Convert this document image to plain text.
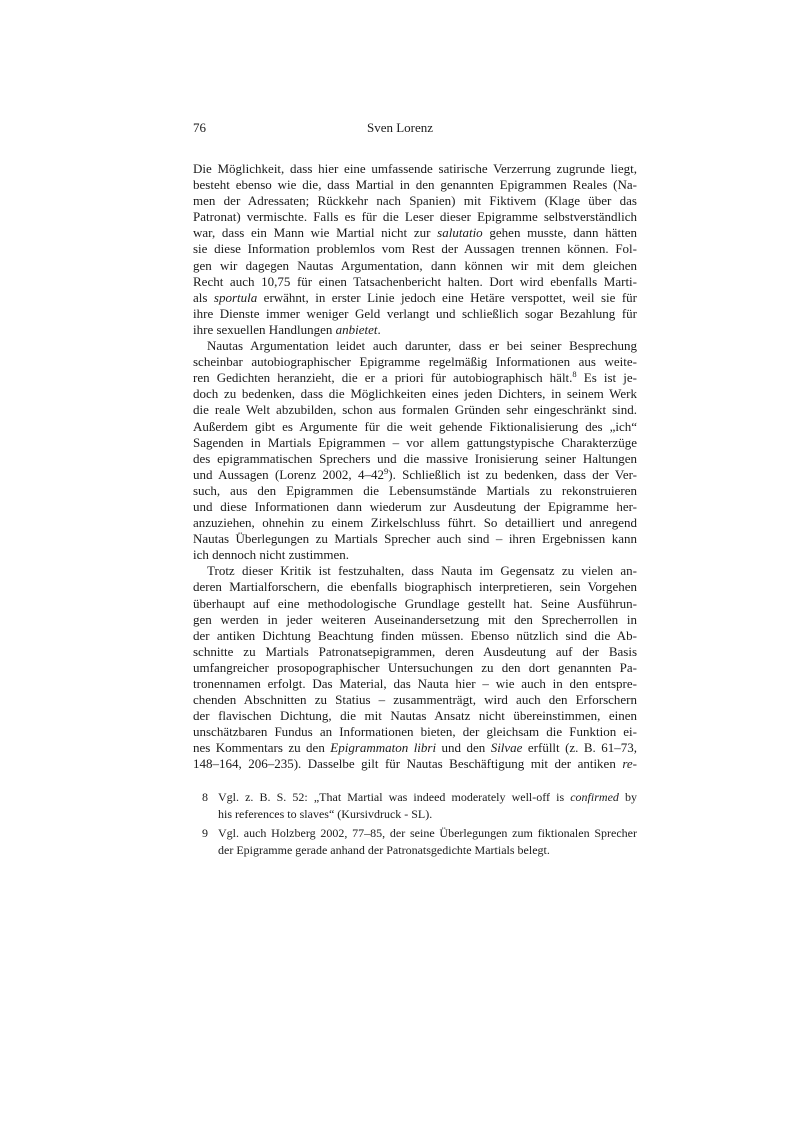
76	Sven Lorenz
Die Möglichkeit, dass hier eine umfassende satirische Verzerrung zugrunde liegt,
besteht ebenso wie die, dass Martial in den genannten Epigrammen Reales (Na-
men der Adressaten; Rückkehr nach Spanien) mit Fiktivem (Klage über das
Patronat) vermischte. Falls es für die Leser dieser Epigramme selbstverständlich
war, dass ein Mann wie Martial nicht zur salutatio gehen musste, dann hätten
sie diese Information problemlos vom Rest der Aussagen trennen können. Fol-
gen wir dagegen Nautas Argumentation, dann können wir mit dem gleichen
Recht auch 10,75 für einen Tatsachenbericht halten. Dort wird ebenfalls Marti-
als sportula erwähnt, in erster Linie jedoch eine Hetäre verspottet, weil sie für
ihre Dienste immer weniger Geld verlangt und schließlich sogar Bezahlung für
ihre sexuellen Handlungen anbietet.
Nautas Argumentation leidet auch darunter, dass er bei seiner Besprechung
scheinbar autobiographischer Epigramme regelmäßig Informationen aus weite-
ren Gedichten heranzieht, die er a priori für autobiographisch hält.$^8$ Es ist je-
doch zu bedenken, dass die Möglichkeiten eines jeden Dichters, in seinem Werk
die reale Welt abzubilden, schon aus formalen Gründen sehr eingeschränkt sind.
Außerdem gibt es Argumente für die weit gehende Fiktionalisierung des „ich“
Sagenden in Martials Epigrammen – vor allem gattungstypische Charakterzüge
des epigrammatischen Sprechers und die massive Ironisierung seiner Haltungen
und Aussagen (Lorenz 2002, $4-42^9$). Schließlich ist zu bedenken, dass der Ver-
such, aus den Epigrammen die Lebensumstände Martials zu rekonstruieren
und diese Informationen dann wiederum zur Ausdeutung der Epigramme her-
anzuziehen, ohnehin zu einem Zirkelschluss führt. So detailliert und anregend
Nautas Überlegungen zu Martials Sprecher auch sind – ihren Ergebnissen kann
ich dennoch nicht zustimmen.
Trotz dieser Kritik ist festzuhalten, dass Nauta im Gegensatz zu vielen an-
deren Martialforschern, die ebenfalls biographisch interpretieren, sein Vorgehen
überhaupt auf eine methodologische Grundlage gestellt hat. Seine Ausführun-
gen werden in jeder weiteren Auseinandersetzung mit den Sprecherrollen in
der antiken Dichtung Beachtung finden müssen. Ebenso nützlich sind die Ab-
schnitte zu Martials Patronatsepigrammen, deren Ausdeutung auf der Basis
umfangreicher prosopographischer Untersuchungen zu den dort genannten Pa-
tronennamen erfolgt. Das Material, das Nauta hier – wie auch in den entspre-
chenden Abschnitten zu Statius – zusammenträgt, wird auch den Erforschern
der flavischen Dichtung, die mit Nautas Ansatz nicht übereinstimmen, einen
unschätzbaren Fundus an Informationen bieten, der gleichsam die Funktion ei-
nes Kommentars zu den Epigrammaton libri und den Silvae erfüllt (z. B. 61–73,
148–164, 206–235). Dasselbe gilt für Nautas Beschäftigung mit der antiken re-
8 Vgl. z. B. S. 52: „That Martial was indeed moderately well-off is confirmed by
his references to slaves“ (Kursivdruck - SL).
9 Vgl. auch Holzberg 2002, 77–85, der seine Überlegungen zum fiktionalen Sprecher
der Epigramme gerade anhand der Patronatsgedichte Martials belegt.
